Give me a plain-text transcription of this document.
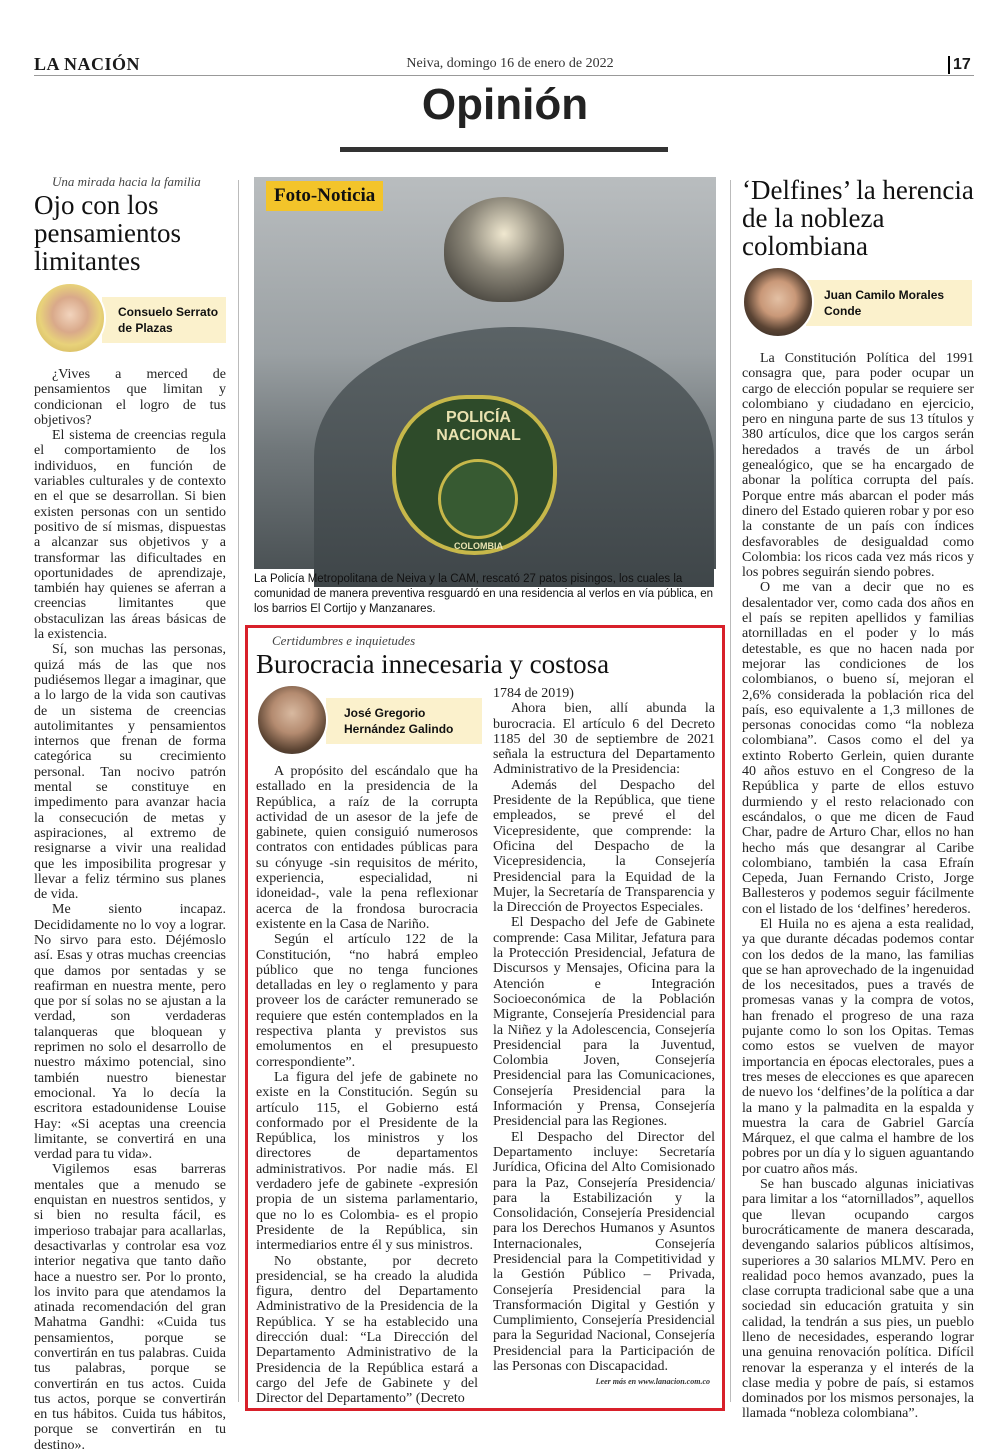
LA NACIÓN	Neiva, domingo 16 de enero de 2022	17
Opinión
Una mirada hacia la familia
Ojo con los pensamientos limitantes
Consuelo Serrato de Plazas

¿Vives a merced de pensamientos que limitan y condicionan el logro de tus objetivos?

El sistema de creencias regula el comportamiento de los individuos, en función de variables culturales y de contexto en el que se desarrollan. Si bien existen personas con un sentido positivo de sí mismas, dispuestas a alcanzar sus objetivos y a transformar las dificultades en oportunidades de aprendizaje, también hay quienes se aferran a creencias limitantes que obstaculizan las áreas básicas de la existencia.

Sí, son muchas las personas, quizá más de las que nos pudiésemos llegar a imaginar, que a lo largo de la vida son cautivas de un sistema de creencias autolimitantes y pensamientos internos que frenan de forma categórica su crecimiento personal. Tan nocivo patrón mental se constituye en impedimento para avanzar hacia la consecución de metas y aspiraciones, al extremo de resignarse a vivir una realidad que les imposibilita progresar y llevar a feliz término sus planes de vida.

Me siento incapaz. Decididamente no lo voy a lograr. No sirvo para esto. Déjémoslo así. Esas y otras muchas creencias que damos por sentadas y se reafirman en nuestra mente, pero que por sí solas no se ajustan a la verdad, son verdaderas talanqueras que bloquean y reprimen no solo el desarrollo de nuestro máximo potencial, sino también nuestro bienestar emocional. Ya lo decía la escritora estadounidense Louise Hay: «Si aceptas una creencia limitante, se convertirá en una verdad para tu vida».

Vigilemos esas barreras mentales que a menudo se enquistan en nuestros sentidos, y si bien no resulta fácil, es imperioso trabajar para acallarlas, desactivarlas y controlar esa voz interior negativa que tanto daño hace a nuestro ser. Por lo pronto, los invito para que atendamos la atinada recomendación del gran Mahatma Gandhi: «Cuida tus pensamientos, porque se convertirán en tus palabras. Cuida tus palabras, porque se convertirán en tus actos. Cuida tus actos, porque se convertirán en tus hábitos. Cuida tus hábitos, porque se convertirán en tu destino».

POLICÍA NACIONAL
COLOMBIA
Foto-Noticia
La Policía Metropolitana de Neiva y la CAM, rescató 27 patos pisingos, los cuales la comunidad de manera preventiva resguardó en una residencia al verlos en vía pública, en los barrios El Cortijo y Manzanares.
Certidumbres e inquietudes
Burocracia innecesaria y costosa
José Gregorio Hernández Galindo

A propósito del escándalo que ha estallado en la presidencia de la República, a raíz de la corrupta actividad de un asesor de la jefe de gabinete, quien consiguió numerosos contratos con entidades públicas para su cónyuge -sin requisitos de mérito, experiencia, especialidad, ni idoneidad-, vale la pena reflexionar acerca de la frondosa burocracia existente en la Casa de Nariño.

Según el artículo 122 de la Constitución, “no habrá empleo público que no tenga funciones detalladas en ley o reglamento y para proveer los de carácter remunerado se requiere que estén contemplados en la respectiva planta y previstos sus emolumentos en el presupuesto correspondiente”.

La figura del jefe de gabinete no existe en la Constitución. Según su artículo 115, el Gobierno está conformado por el Presidente de la República, los ministros y los directores de departamentos administrativos. Por nadie más. El verdadero jefe de gabinete -expresión propia de un sistema parlamentario, que no lo es Colombia- es el propio Presidente de la República, sin intermediarios entre él y sus ministros.

No obstante, por decreto presidencial, se ha creado la aludida figura, dentro del Departamento Administrativo de la Presidencia de la República. Y se ha establecido una dirección dual: “La Dirección del Departamento Administrativo de la Presidencia de la República estará a cargo del Jefe de Gabinete y del Director del Departamento” (Decreto

1784 de 2019)

Ahora bien, allí abunda la burocracia. El artículo 6 del Decreto 1185 del 30 de septiembre de 2021 señala la estructura del Departamento Administrativo de la Presidencia:

Además del Despacho del Presidente de la República, que tiene empleados, se prevé el del Vicepresidente, que comprende: la Oficina del Despacho de la Vicepresidencia, la Consejería Presidencial para la Equidad de la Mujer, la Secretaría de Transparencia y la Dirección de Proyectos Especiales.

El Despacho del Jefe de Gabinete comprende: Casa Militar, Jefatura para la Protección Presidencial, Jefatura de Discursos y Mensajes, Oficina para la Atención e Integración Socioeconómica de la Población Migrante, Consejería Presidencial para la Niñez y la Adolescencia, Consejería Presidencial para la Juventud, Colombia Joven, Consejería Presidencial para las Comunicaciones, Consejería Presidencial para la Información y Prensa, Consejería Presidencial para las Regiones.

El Despacho del Director del Departamento incluye: Secretaría Jurídica, Oficina del Alto Comisionado para la Paz, Consejería Presidencia/ para la Estabilización y la Consolidación, Consejería Presidencial para los Derechos Humanos y Asuntos Internacionales, Consejería Presidencial para la Competitividad y la Gestión Público – Privada, Consejería Presidencial para la Transformación Digital y Gestión y Cumplimiento, Consejería Presidencial para la Seguridad Nacional, Consejería Presidencial para la Participación de las Personas con Discapacidad.

Leer más en www.lanacion.com.co
‘Delfines’ la herencia de la nobleza colombiana
Juan Camilo Morales Conde

La Constitución Política del 1991 consagra que, para poder ocupar un cargo de elección popular se requiere ser colombiano y ciudadano en ejercicio, pero en ninguna parte de sus 13 títulos y 380 artículos, dice que los cargos serán heredados a través de un árbol genealógico, que se ha encargado de abonar la política corrupta del país. Porque entre más abarcan el poder más dinero del Estado quieren robar y por eso la constante de un país con índices desfavorables de desigualdad como Colombia: los ricos cada vez más ricos y los pobres seguirán siendo pobres.

O me van a decir que no es desalentador ver, como cada dos años en el país se repiten apellidos y familias atornilladas en el poder y lo más detestable, es que no hacen nada por mejorar las condiciones de los colombianos, o bueno sí, mejoran el 2,6% considerada la población rica del país, eso equivalente a 1,3 millones de personas conocidas como “la nobleza colombiana”. Casos como el del ya extinto Roberto Gerlein, quien durante 40 años estuvo en el Congreso de la República y parte de ellos estuvo durmiendo y el resto relacionado con escándalos, o que me dicen de Faud Char, padre de Arturo Char, ellos no han hecho más que desangrar al Caribe colombiano, también la casa Efraín Cepeda, Juan Fernando Cristo, Jorge Ballesteros y podemos seguir fácilmente con el listado de los ‘delfines’ herederos.

El Huila no es ajena a esta realidad, ya que durante décadas podemos contar con los dedos de la mano, las familias que se han aprovechado de la ingenuidad de los necesitados, pues a través de promesas vanas y la compra de votos, han frenado el progreso de una raza pujante como lo son los Opitas. Temas como estos se vuelven de mayor importancia en épocas electorales, pues a tres meses de elecciones es que aparecen de nuevo los ‘delfines’de la política a dar la mano y la palmadita en la espalda y muestra la cara de Gabriel García Márquez, el que calma el hambre de los pobres por un día y lo siguen aguantando por cuatro años más.

Se han buscado algunas iniciativas para limitar a los “atornillados”, aquellos que llevan ocupando cargos burocráticamente de manera descarada, devengando salarios públicos altísimos, superiores a 30 salarios MLMV. Pero en realidad poco hemos avanzado, pues la clase corrupta tradicional sabe que a una sociedad sin educación gratuita y sin calidad, la tendrán a sus pies, un pueblo lleno de necesidades, esperando lograr una genuina renovación política. Difícil renovar la esperanza y el interés de la clase media y pobre de país, si estamos dominados por los mismos personajes, la llamada “nobleza colombiana”.
